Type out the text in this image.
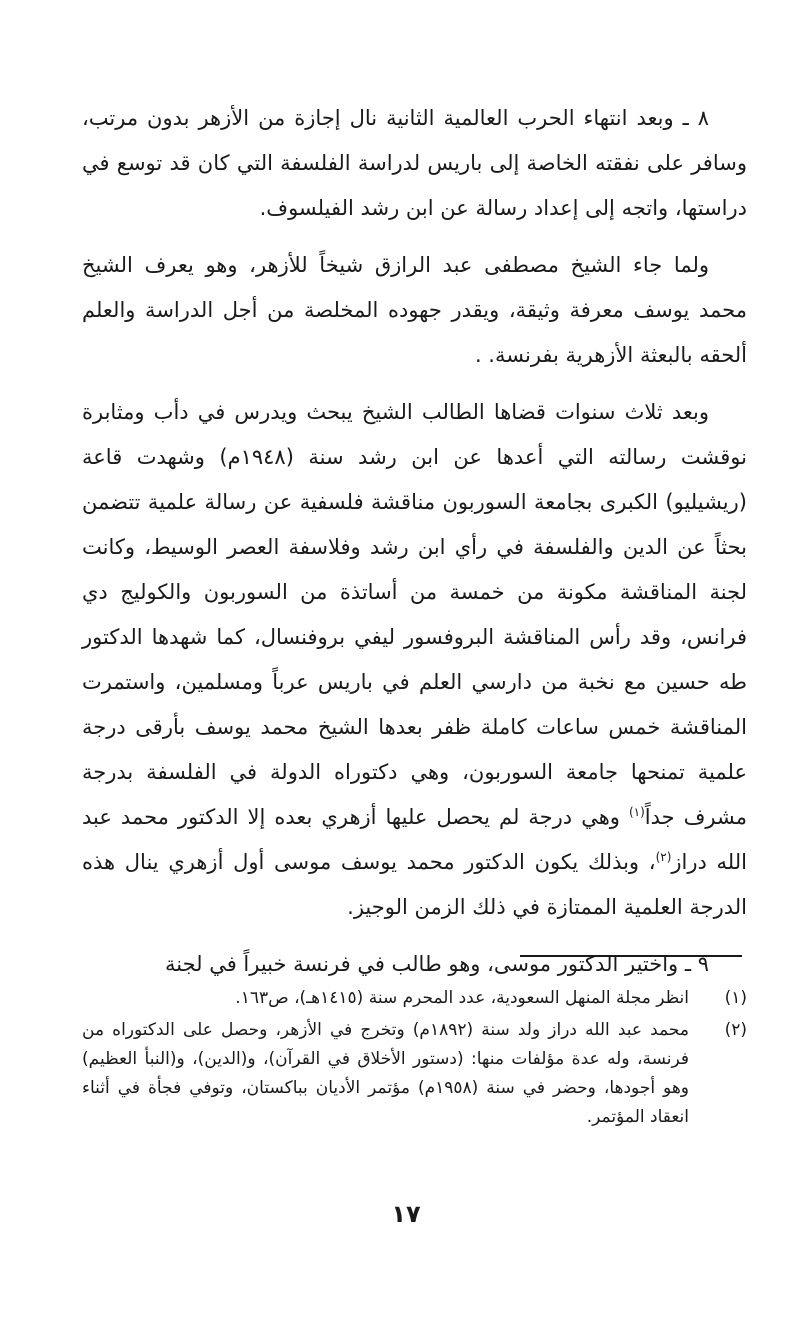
٨ ـ وبعد انتهاء الحرب العالمية الثانية نال إجازة من الأزهر بدون مرتب، وسافر على نفقته الخاصة إلى باريس لدراسة الفلسفة التي كان قد توسع في دراستها، واتجه إلى إعداد رسالة عن ابن رشد الفيلسوف.

ولما جاء الشيخ مصطفى عبد الرازق شيخاً للأزهر، وهو يعرف الشيخ محمد يوسف معرفة وثيقة، ويقدر جهوده المخلصة من أجل الدراسة والعلم ألحقه بالبعثة الأزهرية بفرنسة. .

وبعد ثلاث سنوات قضاها الطالب الشيخ يبحث ويدرس في دأب ومثابرة نوقشت رسالته التي أعدها عن ابن رشد سنة (١٩٤٨م) وشهدت قاعة (ريشيليو) الكبرى بجامعة السوربون مناقشة فلسفية عن رسالة علمية تتضمن بحثاً عن الدين والفلسفة في رأي ابن رشد وفلاسفة العصر الوسيط، وكانت لجنة المناقشة مكونة من خمسة من أساتذة من السوربون والكوليج دي فرانس، وقد رأس المناقشة البروفسور ليفي بروفنسال، كما شهدها الدكتور طه حسين مع نخبة من دارسي العلم في باريس عرباً ومسلمين، واستمرت المناقشة خمس ساعات كاملة ظفر بعدها الشيخ محمد يوسف بأرقى درجة علمية تمنحها جامعة السوربون، وهي دكتوراه الدولة في الفلسفة بدرجة مشرف جداً$^{(١)}$ وهي درجة لم يحصل عليها أزهري بعده إلا الدكتور محمد عبد الله دراز$^{(٢)}$، وبذلك يكون الدكتور محمد يوسف موسى أول أزهري ينال هذه الدرجة العلمية الممتازة في ذلك الزمن الوجيز.

٩ ـ واختير الدكتور موسى، وهو طالب في فرنسة خبيراً في لجنة

(١)
انظر مجلة المنهل السعودية، عدد المحرم سنة (١٤١٥هـ)، ص١٦٣.
(٢)
محمد عبد الله دراز ولد سنة (١٨٩٢م) وتخرج في الأزهر، وحصل على الدكتوراه من فرنسة، وله عدة مؤلفات منها: (دستور الأخلاق في القرآن)، و(الدين)، و(النبأ العظيم) وهو أجودها، وحضر في سنة (١٩٥٨م) مؤتمر الأديان بباكستان، وتوفي فجأة في أثناء انعقاد المؤتمر.
١٧
